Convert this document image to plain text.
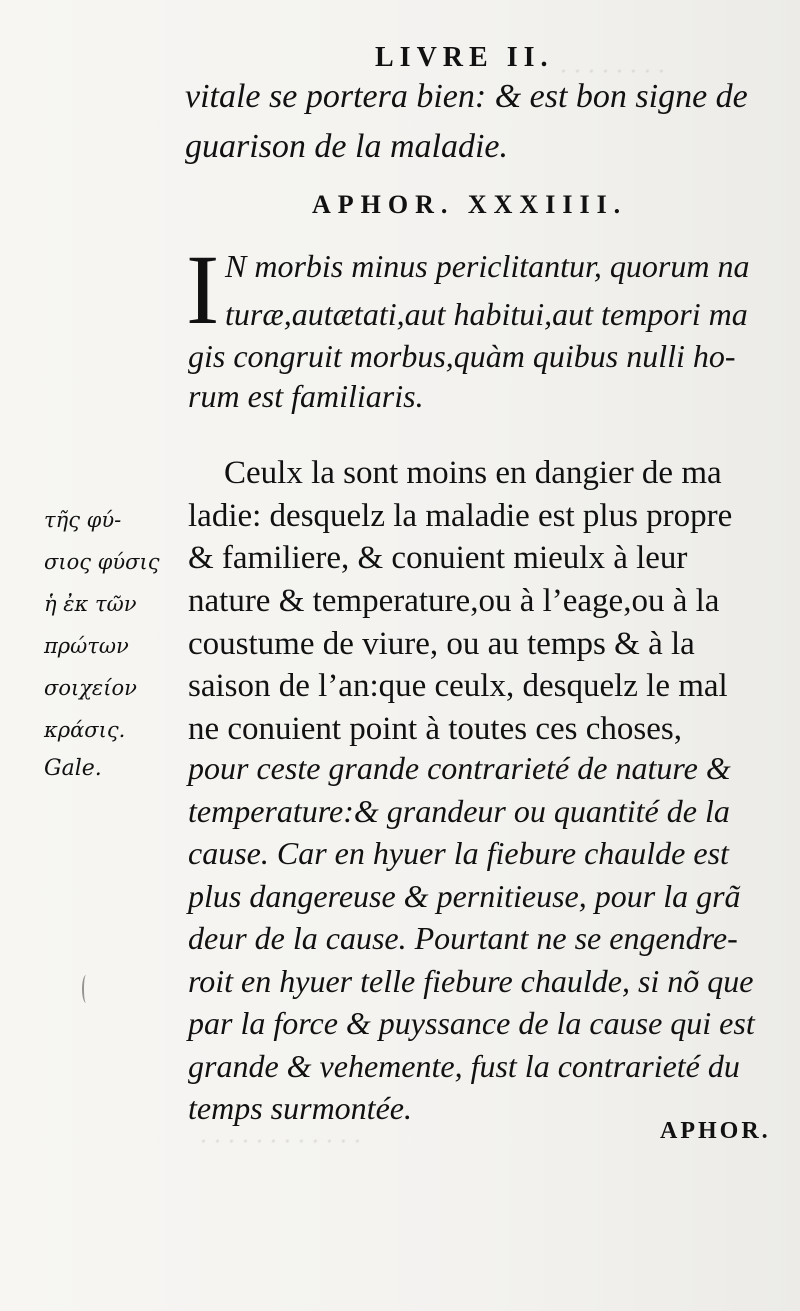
· · · · · · · ·
· · · · · · · · · · · ·
LIVRE II.
vitale se portera bien: & est bon signe de
guarison de la maladie.
APHOR. XXXIIII.
I N morbis minus periclitantur, quorum na
turæ,autætati,aut habitui,aut tempori ma
gis congruit morbus,quàm quibus nulli ho-
rum est familiaris.
Ceulx la sont moins en dangier de ma
ladie: desquelz la maladie est plus propre
& familiere, & conuient mieulx à leur
nature & temperature,ou à l’eage,ou à la
coustume de viure, ou au temps & à la
saison de l’an:que ceulx, desquelz le mal
ne conuient point à toutes ces choses,
pour ceste grande contrarieté de nature &
temperature:& grandeur ou quantité de la
cause. Car en hyuer la fiebure chaulde est
plus dangereuse & pernitieuse, pour la grã
deur de la cause. Pourtant ne se engendre-
roit en hyuer telle fiebure chaulde, si nõ que
par la force & puyssance de la cause qui est
grande & vehemente, fust la contrarieté du
temps surmontée.
τῆς φύ-
σιος φύσις
ἡ ἐκ τῶν
πρώτων
σοιχείον
κράσις.
Gale.
APHOR.
